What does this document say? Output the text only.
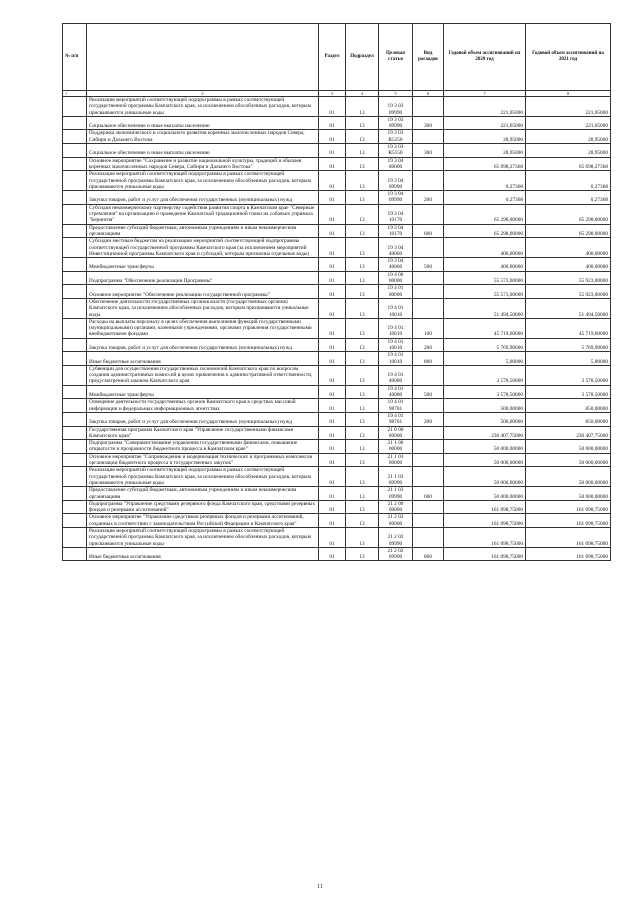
№ п/п		Раздел	Подраздел	Целевая статья	Вид расходов	Годовой объем ассигнований на 2020 год	Годовой объем ассигнований на 2021 год
1	2	3	4	5	6	7	8
	Реализация мероприятий соответствующей подпрограммы в рамках соответствующей государственной программы Камчатского края, за исключением обособленных расходов, которым присваиваются уникальные коды	01	13	19 3 03 09990		221,05000	221,05000
	Социальное обеспечение и иные выплаты населению	01	13	19 3 03 09990	300	221,05000	221,05000
	Поддержка экономического и социального развития коренных малочисленных народов Севера, Сибири и Дальнего Востока	01	13	19 3 03 R5150		28,95000	28,95000
	Социальное обеспечение и иные выплаты населению	01	13	19 3 03 R5150	300	28,95000	28,95000
	Основное мероприятие "Сохранение и развитие национальной культуры, традиций и обычаев коренных малочисленных народов Севера, Сибири и Дальнего Востока"	01	13	19 3 04 00000		65 698,27368	65 698,27368
	Реализация мероприятий соответствующей подпрограммы в рамках соответствующей государственной программы Камчатского края, за исключением обособленных расходов, которым присваиваются уникальные коды	01	13	19 3 04 09990		0,27368	0,27368
	Закупка товаров, работ и услуг для обеспечения государственных (муниципальных) нужд	01	13	19 3 04 09990	200	0,27368	0,27368
	Субсидия некоммерческому партнерству содействия развития спорта в Камчатском крае "Северные стремления" на организацию и проведение Камчатской традиционной гонки на собачьих упряжках "Берингия"	01	13	19 3 04 10170		65 298,00000	65 298,00000
	Предоставление субсидий бюджетным, автономным учреждениям и иным некоммерческим организациям	01	13	19 3 04 10170	600	65 298,00000	65 298,00000
	Субсидии местным бюджетам на реализацию мероприятий соответствующей подпрограммы соответствующей государственной программы Камчатского края (за исключением мероприятий Инвестиционной программы Камчатского края и субсидий, которым присвоены отдельные коды)	01	13	19 3 04 40060		400,00000	400,00000
	Межбюджетные трансферты	01	13	19 3 04 40060	500	400,00000	400,00000
	Подпрограмма "Обеспечение реализации Программы"	01	13	19 4 00 00000		55 573,00000	55 923,00000
	Основное мероприятие "Обеспечение реализации государственной программы"	01	13	19 4 01 00000		55 573,00000	55 923,00000
	Обеспечение деятельности государственных органов власти (государственных органов) Камчатского края, за исключением обособленных расходов, которым присваиваются уникальные коды.	01	13	19 4 01 10010		51 494,50000	51 494,50000
	Расходы на выплаты персоналу в целях обеспечения выполнения функций государственными (муниципальными) органами, казенными учреждениями, органами управления государственными внебюджетными фондами	01	13	19 4 01 10010	100	45 719,60000	45 719,60000
	Закупка товаров, работ и услуг для обеспечения государственных (муниципальных) нужд	01	13	19 4 01 10010	200	5 769,90000	5 769,90000
	Иные бюджетные ассигнования	01	13	19 4 01 10010	800	5,00000	5,00000
	Субвенции для осуществления государственных полномочий Камчатского края по вопросам создания административных комиссий в целях привлечения к административной ответственности, предусмотренной законом Камчатского края	01	13	19 4 01 40080		3 578,50000	3 578,50000
	Межбюджетные трансферты	01	13	19 4 01 40080	500	3 578,50000	3 578,50000
	Освещение деятельности государственных органов Камчатского края в средствах массовой информации и федеральных информационных агентствах	01	13	19 4 01 98701		500,00000	850,00000
	Закупка товаров, работ и услуг для обеспечения государственных (муниципальных) нужд	01	13	19 4 01 98701	200	500,00000	850,00000
	Государственная программа Камчатского края "Управление государственными финансами Камчатского края"	01	13	21 0 00 00000		236 407,75000	236 407,75000
	Подпрограмма "Совершенствование управления государственными финансами, повышение открытости и прозрачности бюджетного процесса в Камчатском крае"	01	13	21 1 00 00000		50 000,00000	50 000,00000
	Основное мероприятие "Сопровождение и модернизация технических и программных комплексов организации бюджетного процесса и государственных закупок"	01	13	21 1 03 00000		50 000,00000	50 000,00000
	Реализация мероприятий соответствующей подпрограммы в рамках соответствующей государственной программы Камчатского края, за исключением обособленных расходов, которым присваиваются уникальные коды	01	13	21 1 03 09990		50 000,00000	50 000,00000
	Предоставление субсидий бюджетным, автономным учреждениям и иным некоммерческим организациям	01	13	21 1 03 09990	600	50 000,00000	50 000,00000
	Подпрограмма "Управление средствами резервного фонда Камчатского края, средствами резервных фондов и резервами ассигнований"	01	13	21 2 00 00000		161 098,75000	161 098,75000
	Основное мероприятие "Управление средствами резервных фондов и резервами ассигнований, созданных в соответствии с законодательством Российской Федерации и Камчатского края"	01	13	21 2 02 00000		161 098,75000	161 098,75000
	Реализация мероприятий соответствующей подпрограммы в рамках соответствующей государственной программы Камчатского края, за исключением обособленных расходов, которым присваиваются уникальные коды	01	13	21 2 02 09990		161 098,75000	161 098,75000
	Иные бюджетные ассигнования	01	13	21 2 02 09990	800	161 098,75000	161 098,75000
11
